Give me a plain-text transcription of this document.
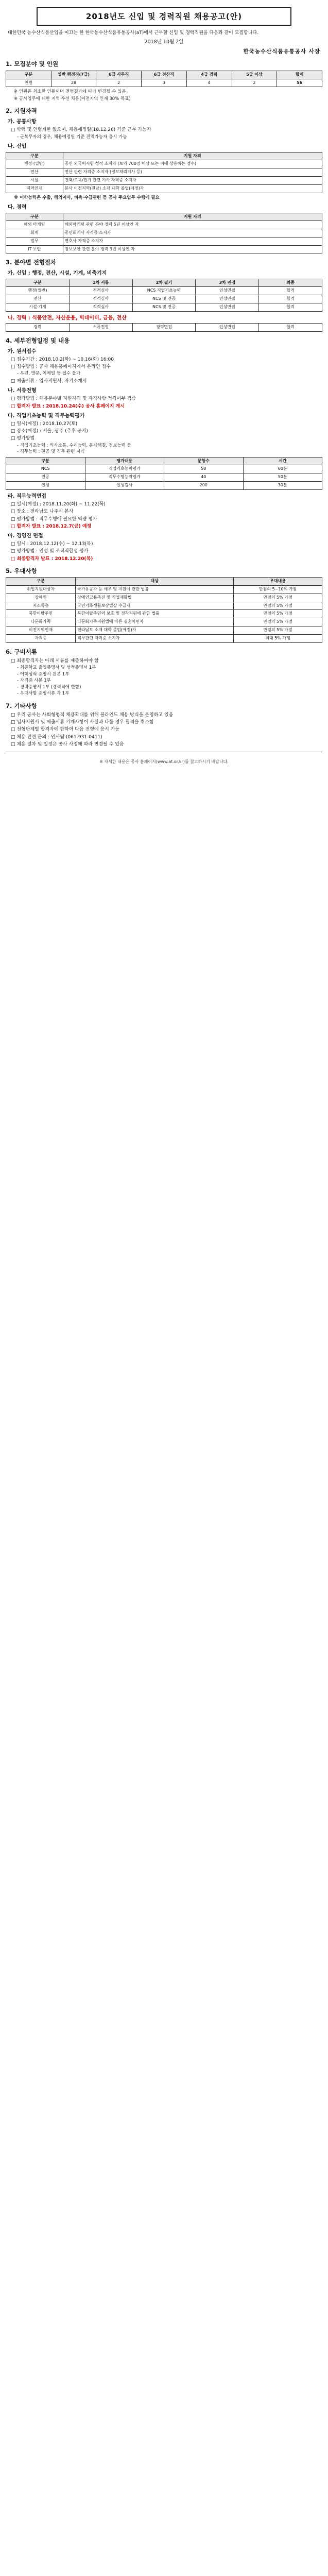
2018년도 신입 및 경력직원 채용공고(안)
대한민국 농수산식품산업을 이끄는 한 한국농수산식품유통공사(aT)에서 근무할 신입 및 경력직원을 다음과 같이 모집합니다.
2018년 10월 2일
한국농수산식품유통공사 사장
1. 모집분야 및 인원
구분	일반 행정직(7급)	6급 사무직	6급 전산직	4급 경력	5급 이상	합계
인원	28	2	3	4	2	56

※ 인원은 최소한 인원이며 전형결과에 따라 변경될 수 있음

※ 공사업무에 대한 지역 우선 채용(이전지역 인재 30% 목표)

2. 지원자격
가. 공통사항

□ 학력 및 연령제한 없으며, 채용예정일(18.12.26) 기준 근무 가능자

- 군복무자의 경우, 채용예정일 기준 전역가능자 응시 가능

나. 신입
구분	지원 자격
행정 (일반)	공인 외국어시험 성적 소지자 (토익 700점 이상 또는 이에 상응하는 점수)
전산	전산 관련 자격증 소지자 (정보처리기사 등)
시설	건축/토목/전기 관련 기사 자격증 소지자
지역인재	본사 이전지역(전남) 소재 대학 졸업(예정)자

※ 어학능력은 수출, 해외지사, 비축·수급관련 등 공사 주요업무 수행에 필요

다. 경력
구분	지원 자격
해외 마케팅	해외마케팅 관련 분야 경력 5년 이상인 자
회계	공인회계사 자격증 소지자
법무	변호사 자격증 소지자
IT 보안	정보보안 관련 분야 경력 3년 이상인 자
3. 분야별 전형절차
가. 신입 : 행정, 전산, 시설, 기계, 비축기지
구분	1차 서류	2차 필기	3차 면접	최종
행정(일반)	적격심사	NCS 직업기초능력	인성면접	합격
전산	적격심사	NCS 및 전공	인성면접	합격
시설·기계	적격심사	NCS 및 전공	인성면접	합격
나. 경력 : 식품안전, 자산운용, 빅데이터, 금융, 전산
경력	서류전형	경력면접	인성면접	합격
4. 세부전형일정 및 내용
가. 원서접수

□ 접수기간 : 2018.10.2(화) ~ 10.16(화) 16:00

□ 접수방법 : 공사 채용홈페이지에서 온라인 접수

- 우편, 방문, 이메일 등 접수 불가

□ 제출서류 : 입사지원서, 자기소개서

나. 서류전형

□ 평가방법 : 채용분야별 지원자격 및 자격사항 적격여부 검증

□ 합격자 발표 : 2018.10.24(수) 공사 홈페이지 게시

다. 직업기초능력 및 직무능력평가

□ 일시(예정) : 2018.10.27(토)

□ 장소(예정) : 서울, 광주 (추후 공지)

□ 평가방법

- 직업기초능력 : 의사소통, 수리능력, 문제해결, 정보능력 등

- 직무능력 : 전공 및 직무 관련 지식

구분	평가내용	문항수	시간
NCS	직업기초능력평가	50	60분
전공	직무수행능력평가	40	50분
인성	인성검사	200	30분
라. 직무능력면접

□ 일시(예정) : 2018.11.20(화) ~ 11.22(목)

□ 장소 : 전라남도 나주시 본사

□ 평가방법 : 직무수행에 필요한 역량 평가

□ 합격자 발표 : 2018.12.7(금) 예정

마. 경영진 면접

□ 일시 : 2018.12.12(수) ~ 12.13(목)

□ 평가방법 : 인성 및 조직적합성 평가

□ 최종합격자 발표 : 2018.12.20(목)

5. 우대사항
구분	대상	우대내용
취업지원대상자	국가유공자 등 예우 및 지원에 관한 법률	만점의 5~10% 가점
장애인	장애인고용촉진 및 직업재활법	만점의 5% 가점
저소득층	국민기초생활보장법상 수급자	만점의 5% 가점
북한이탈주민	북한이탈주민의 보호 및 정착지원에 관한 법률	만점의 5% 가점
다문화가족	다문화가족지원법에 따른 결혼이민자	만점의 5% 가점
이전지역인재	전라남도 소재 대학 졸업(예정)자	만점의 5% 가점
자격증	직무관련 자격증 소지자	최대 5% 가점
6. 구비서류

□ 최종합격자는 아래 서류를 제출하여야 함

- 최종학교 졸업증명서 및 성적증명서 1부

- 어학성적 증명서 원본 1부

- 자격증 사본 1부

- 경력증명서 1부 (경력직에 한함)

- 우대사항 증빙서류 각 1부

7. 기타사항

□ 우리 공사는 사회형평적 채용확대를 위해 블라인드 채용 방식을 운영하고 있음

□ 입사지원서 및 제출서류 기재사항이 사실과 다를 경우 합격을 취소함

□ 전형단계별 합격자에 한하여 다음 전형에 응시 가능

□ 채용 관련 문의 : 인사팀 (061-931-0411)

□ 채용 절차 및 일정은 공사 사정에 따라 변경될 수 있음

※ 자세한 내용은 공사 홈페이지(www.at.or.kr)를 참고하시기 바랍니다.
